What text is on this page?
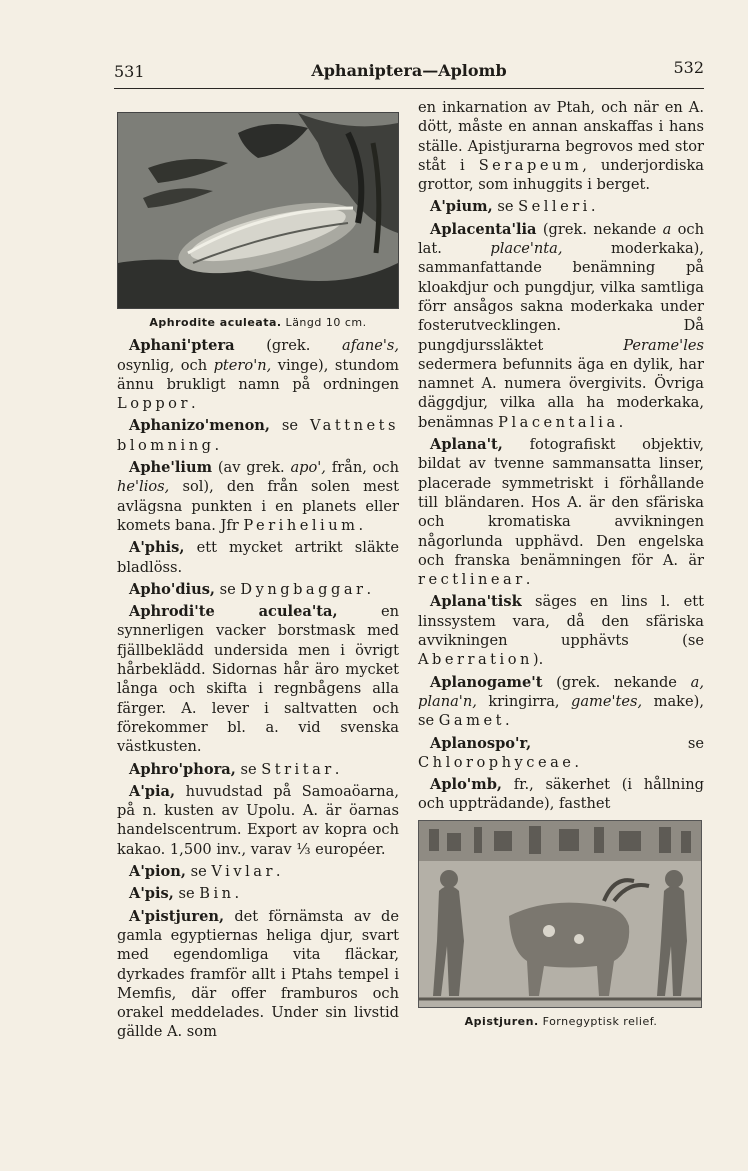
531	Aphaniptera—Aplomb	532
Aphrodite aculeata. Längd 10 cm.

Aphani'ptera (grek. afane's, osynlig, och ptero'n, vinge), stundom ännu brukligt namn på ordningen Loppor.

Aphanizo'menon, se Vattnets blomning.

Aphe'lium (av grek. apo', från, och he'lios, sol), den från solen mest avlägsna punkten i en planets eller komets bana. Jfr Perihelium.

A'phis, ett mycket artrikt släkte bladlöss.

Apho'dius, se Dyngbaggar.

Aphrodi'te aculea'ta, en synnerligen vacker borstmask med fjällbeklädd undersida men i övrigt hårbeklädd. Sidornas hår äro mycket långa och skifta i regnbågens alla färger. A. lever i saltvatten och förekommer bl. a. vid svenska västkusten.

Aphro'phora, se Stritar.

A'pia, huvudstad på Samoaöarna, på n. kusten av Upolu. A. är öarnas handelscentrum. Export av kopra och kakao. 1,500 inv., varav ⅓ européer.

A'pion, se Vivlar.

A'pis, se Bin.

A'pistjuren, det förnämsta av de gamla egyptiernas heliga djur, svart med egendomliga vita fläckar, dyrkades framför allt i Ptahs tempel i Memfis, där offer framburos och orakel meddelades. Under sin livstid gällde A. som

en inkarnation av Ptah, och när en A. dött, måste en annan anskaffas i hans ställe. Apistjurarna begrovos med stor ståt i Serapeum, underjordiska grottor, som inhuggits i berget.

A'pium, se Selleri.

Aplacenta'lia (grek. nekande a och lat. place'nta, moderkaka), sammanfattande benämning på kloakdjur och pungdjur, vilka samtliga förr ansågos sakna moderkaka under fosterutvecklingen. Då pungdjurssläktet Perame'les sedermera befunnits äga en dylik, har namnet A. numera övergivits. Övriga däggdjur, vilka alla ha moderkaka, benämnas Placentalia.

Aplana't, fotografiskt objektiv, bildat av tvenne sammansatta linser, placerade symmetriskt i förhållande till bländaren. Hos A. är den sfäriska och kromatiska avvikningen någorlunda upphävd. Den engelska och franska benämningen för A. är rectlinear.

Aplana'tisk säges en lins l. ett linssystem vara, då den sfäriska avvikningen upphävts (se Aberration).

Aplanogame't (grek. nekande a, plana'n, kringirra, game'tes, make), se Gamet.

Aplanospo'r, se Chlorophyceae.

Aplo'mb, fr., säkerhet (i hållning och uppträdande), fasthet

Apistjuren. Fornegyptisk relief.
